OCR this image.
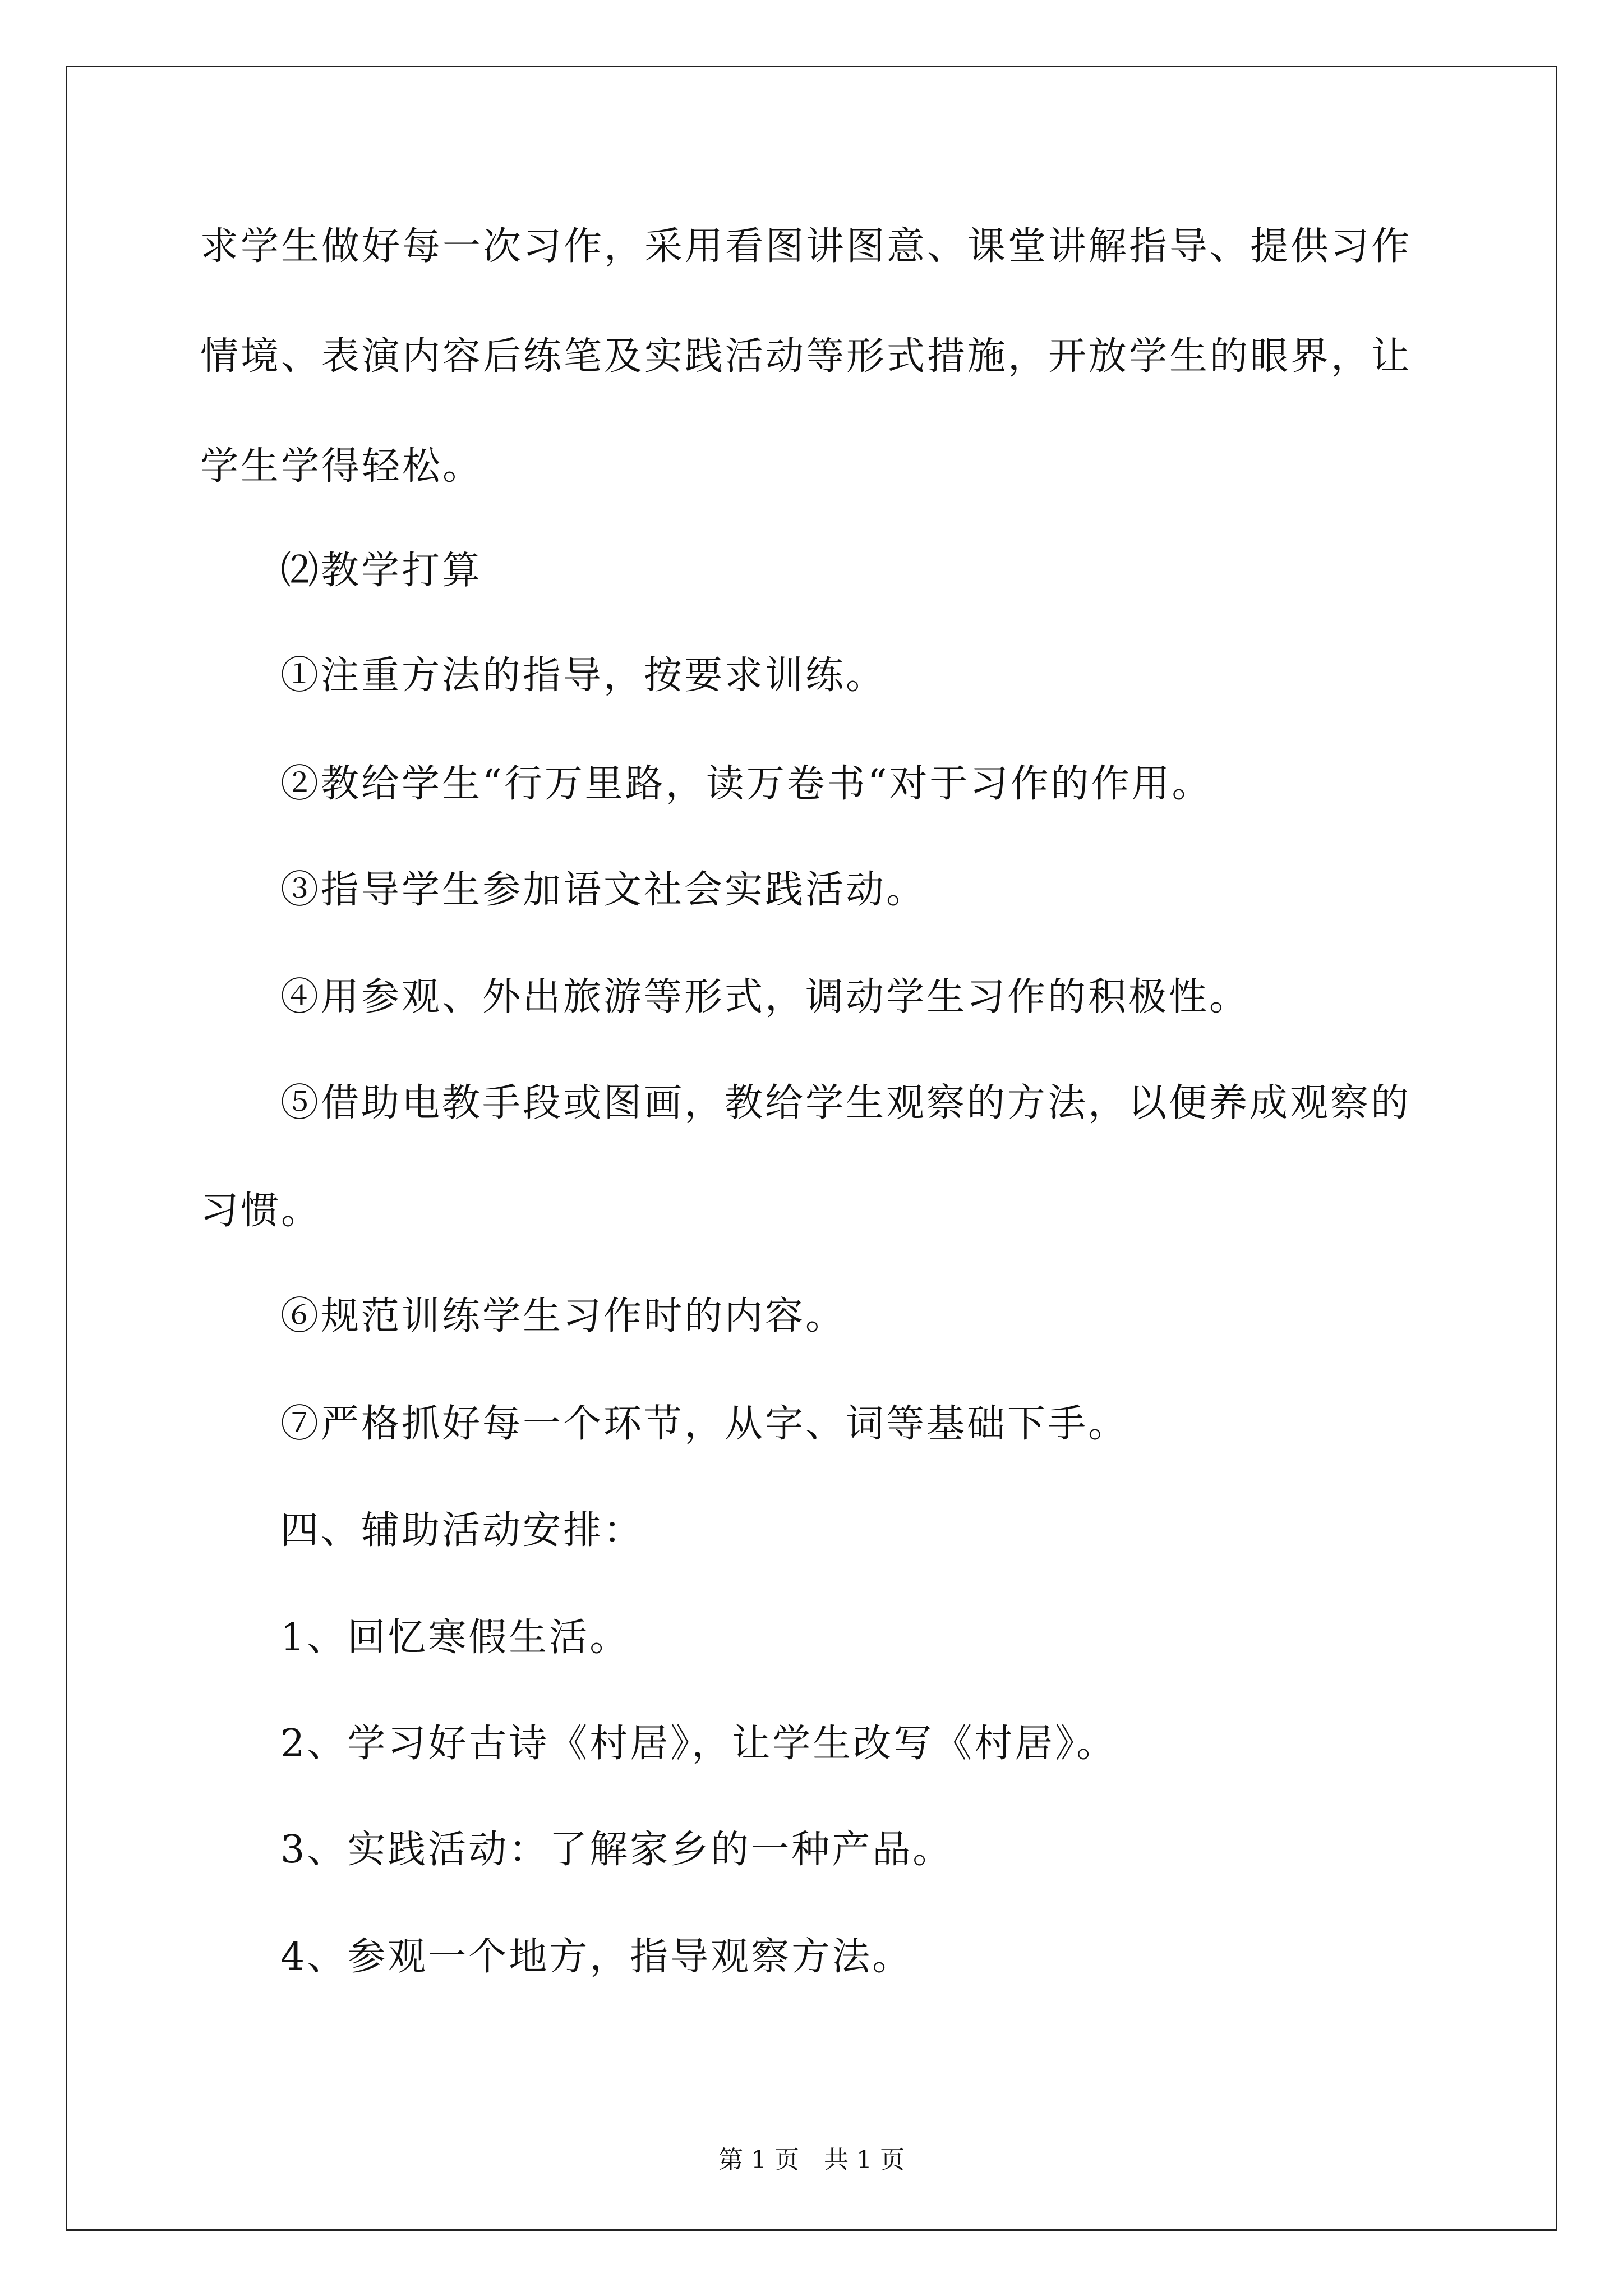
求学生做好每一次习作，采用看图讲图意、课堂讲解指导、提供习作
情境、表演内容后练笔及实践活动等形式措施，开放学生的眼界，让
学生学得轻松。
⑵教学打算
①注重方法的指导，按要求训练。
②教给学生“行万里路，读万卷书“对于习作的作用。
③指导学生参加语文社会实践活动。
④用参观、外出旅游等形式，调动学生习作的积极性。
⑤借助电教手段或图画，教给学生观察的方法，以便养成观察的
习惯。
⑥规范训练学生习作时的内容。
⑦严格抓好每一个环节，从字、词等基础下手。
四、辅助活动安排：
1、回忆寒假生活。
2、学习好古诗《村居》，让学生改写《村居》。
3、实践活动：了解家乡的一种产品。
4、参观一个地方，指导观察方法。
第 1 页　共 1 页
